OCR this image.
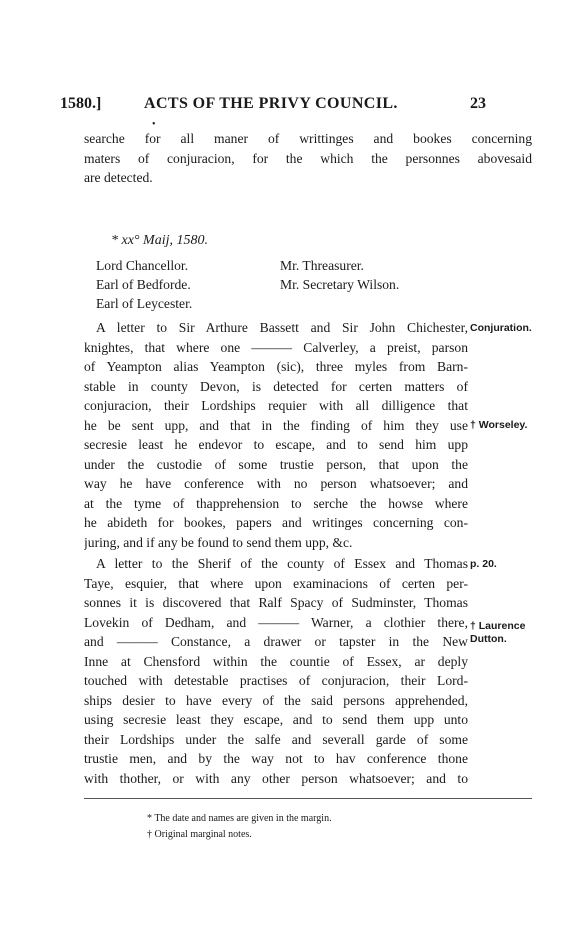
1580.]	ACTS OF THE PRIVY COUNCIL.	23
•
searche for all maner of writtinges and bookes concerning
maters of conjuracion, for the which the personnes abovesaid
are detected.
* xx° Maij, 1580.
Lord Chancellor.
Earl of Bedforde.
Earl of Leycester.
Mr. Threasurer.
Mr. Secretary Wilson.
A letter to Sir Arthure Bassett and Sir John Chichester,
knightes, that where one ——— Calverley, a preist, parson
of Yeampton alias Yeampton (sic), three myles from Barn-
stable in county Devon, is detected for certen matters of
conjuracion, their Lordships requier with all dilligence that
he be sent upp, and that in the finding of him they use
secresie least he endevor to escape, and to send him upp
under the custodie of some trustie person, that upon the
way he have conference with no person whatsoever; and
at the tyme of thapprehension to serche the howse where
he abideth for bookes, papers and writinges concerning con-
juring, and if any be found to send them upp, &c.
A letter to the Sherif of the county of Essex and Thomas
Taye, esquier, that where upon examinacions of certen per-
sonnes it is discovered that Ralf Spacy of Sudminster, Thomas
Lovekin of Dedham, and ——— Warner, a clothier there,
and ——— Constance, a drawer or tapster in the New
Inne at Chensford within the countie of Essex, ar deply
touched with detestable practises of conjuracion, their Lord-
ships desier to have every of the said persons apprehended,
using secresie least they escape, and to send them upp unto
their Lordships under the salfe and severall garde of some
trustie men, and by the way not to hav conference thone
with thother, or with any other person whatsoever; and to
Conjuration.
† Worseley.
p. 20.
† Laurence
Dutton.
* The date and names are given in the margin.
† Original marginal notes.
